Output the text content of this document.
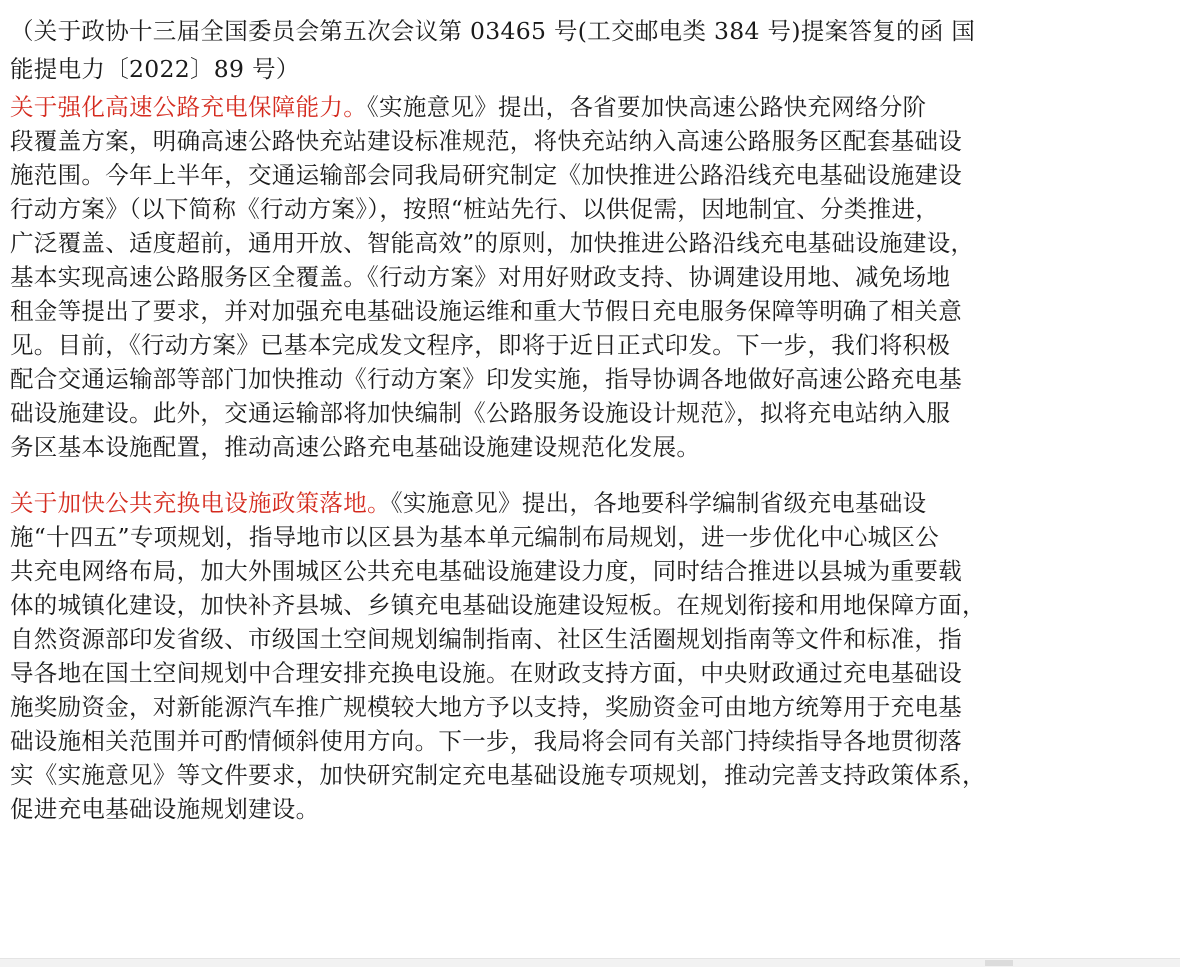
（关于政协十三届全国委员会第五次会议第 03465 号(工交邮电类 384 号)提案答复的函 国
能提电力〔2022〕89 号）
关于强化高速公路充电保障能力。《实施意见》提出，各省要加快高速公路快充网络分阶
段覆盖方案，明确高速公路快充站建设标准规范，将快充站纳入高速公路服务区配套基础设
施范围。今年上半年，交通运输部会同我局研究制定《加快推进公路沿线充电基础设施建设
行动方案》（以下简称《行动方案》），按照“桩站先行、以供促需，因地制宜、分类推进，
广泛覆盖、适度超前，通用开放、智能高效”的原则，加快推进公路沿线充电基础设施建设，
基本实现高速公路服务区全覆盖。《行动方案》对用好财政支持、协调建设用地、减免场地
租金等提出了要求，并对加强充电基础设施运维和重大节假日充电服务保障等明确了相关意
见。目前，《行动方案》已基本完成发文程序，即将于近日正式印发。下一步，我们将积极
配合交通运输部等部门加快推动《行动方案》印发实施，指导协调各地做好高速公路充电基
础设施建设。此外，交通运输部将加快编制《公路服务设施设计规范》，拟将充电站纳入服
务区基本设施配置，推动高速公路充电基础设施建设规范化发展。
关于加快公共充换电设施政策落地。《实施意见》提出，各地要科学编制省级充电基础设
施“十四五”专项规划，指导地市以区县为基本单元编制布局规划，进一步优化中心城区公
共充电网络布局，加大外围城区公共充电基础设施建设力度，同时结合推进以县城为重要载
体的城镇化建设，加快补齐县城、乡镇充电基础设施建设短板。在规划衔接和用地保障方面，
自然资源部印发省级、市级国土空间规划编制指南、社区生活圈规划指南等文件和标准，指
导各地在国土空间规划中合理安排充换电设施。在财政支持方面，中央财政通过充电基础设
施奖励资金，对新能源汽车推广规模较大地方予以支持，奖励资金可由地方统筹用于充电基
础设施相关范围并可酌情倾斜使用方向。下一步，我局将会同有关部门持续指导各地贯彻落
实《实施意见》等文件要求，加快研究制定充电基础设施专项规划，推动完善支持政策体系，
促进充电基础设施规划建设。
